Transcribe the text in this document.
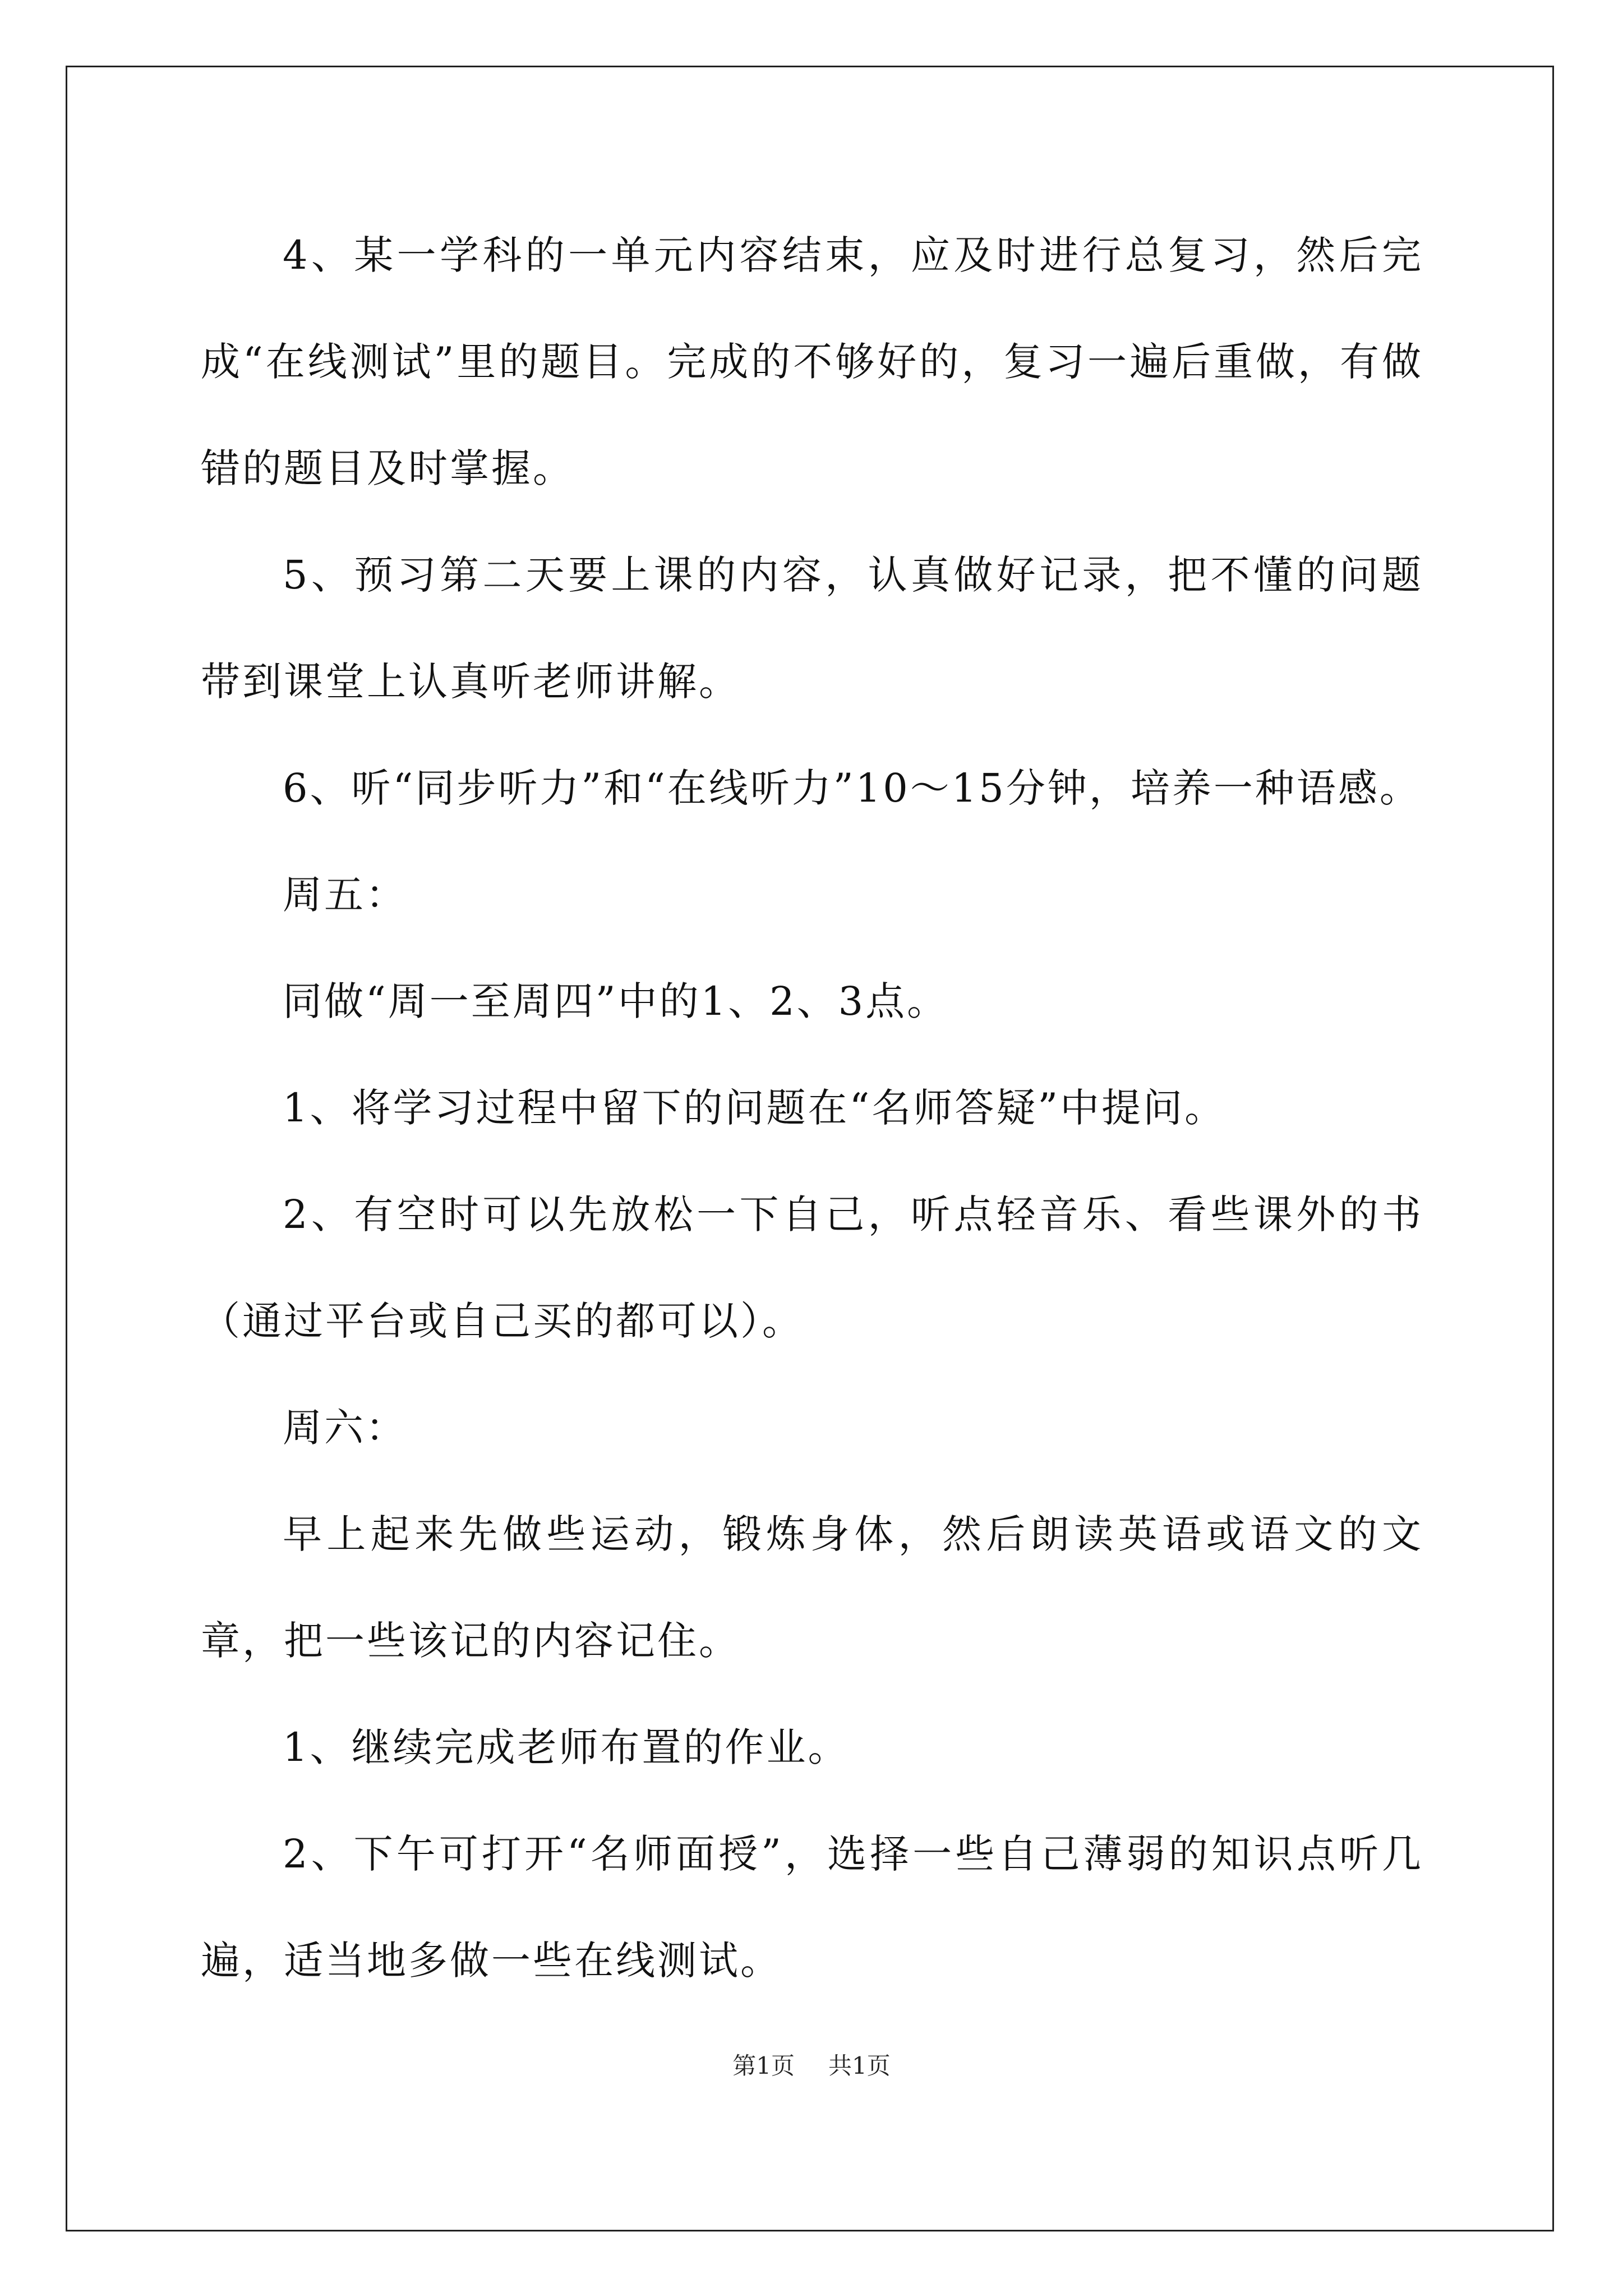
4、某一学科的一单元内容结束，应及时进行总复习，然后完成“在线测试”里的题目。完成的不够好的，复习一遍后重做，有做错的题目及时掌握。

5、预习第二天要上课的内容，认真做好记录，把不懂的问题带到课堂上认真听老师讲解。

6、听“同步听力”和“在线听力”10～15分钟，培养一种语感。

周五：

同做“周一至周四”中的1、2、3点。

1、将学习过程中留下的问题在“名师答疑”中提问。

2、有空时可以先放松一下自己，听点轻音乐、看些课外的书（通过平台或自己买的都可以）。

周六：

早上起来先做些运动，锻炼身体，然后朗读英语或语文的文章，把一些该记的内容记住。

1、继续完成老师布置的作业。

2、下午可打开“名师面授”，选择一些自己薄弱的知识点听几遍，适当地多做一些在线测试。

第1页 共1页
